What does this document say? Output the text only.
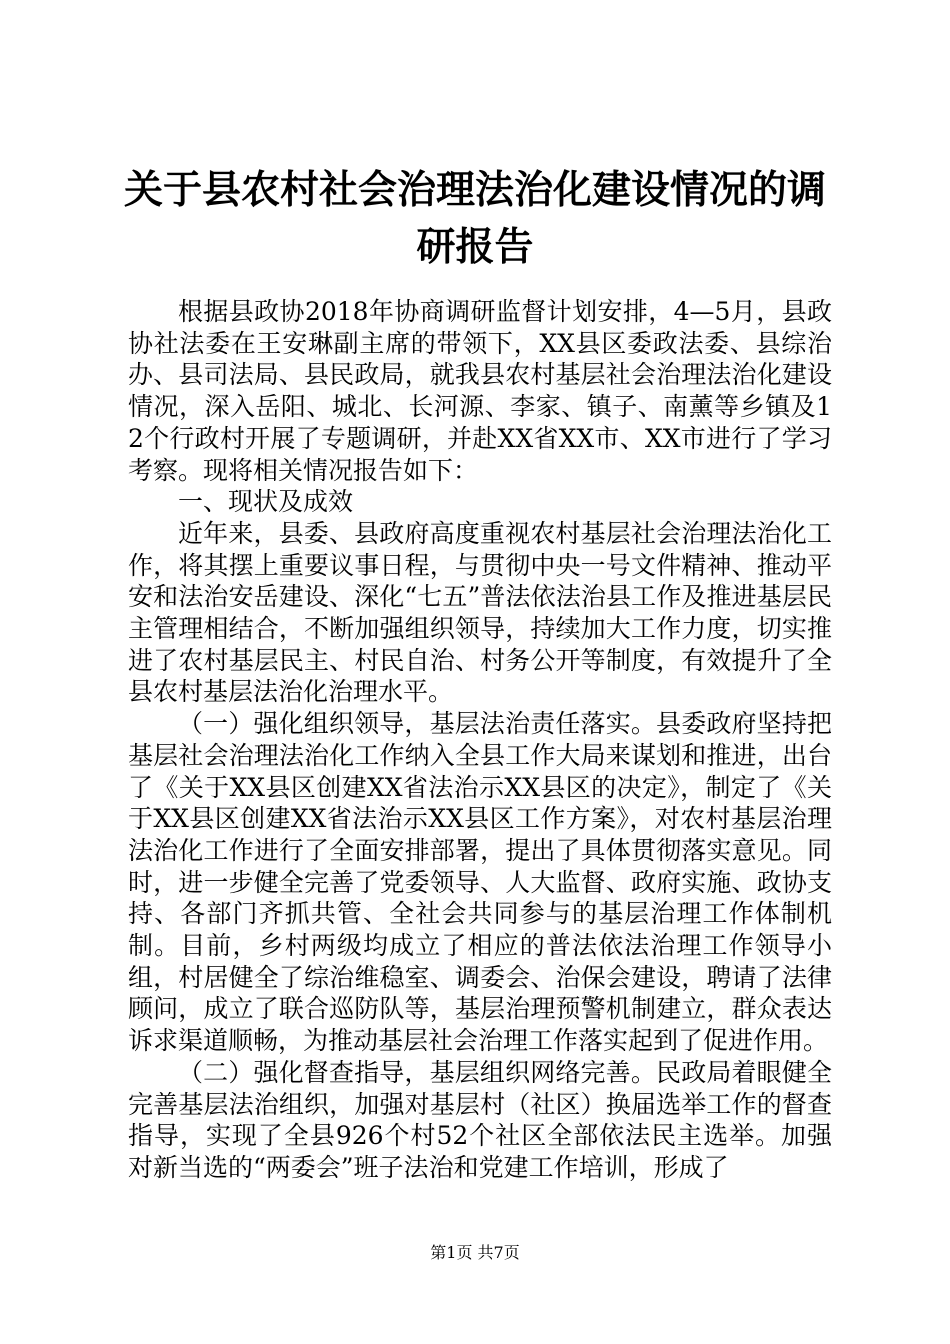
关于县农村社会治理法治化建设情况的调研报告

根据县政协2018年协商调研监督计划安排，4—5月，县政协社法委在王安琳副主席的带领下，XX县区委政法委、县综治办、县司法局、县民政局，就我县农村基层社会治理法治化建设情况，深入岳阳、城北、长河源、李家、镇子、南薰等乡镇及12个行政村开展了专题调研，并赴XX省XX市、XX市进行了学习考察。现将相关情况报告如下：

一、现状及成效

近年来，县委、县政府高度重视农村基层社会治理法治化工作，将其摆上重要议事日程，与贯彻中央一号文件精神、推动平安和法治安岳建设、深化“七五”普法依法治县工作及推进基层民主管理相结合，不断加强组织领导，持续加大工作力度，切实推进了农村基层民主、村民自治、村务公开等制度，有效提升了全县农村基层法治化治理水平。

（一）强化组织领导，基层法治责任落实。县委政府坚持把基层社会治理法治化工作纳入全县工作大局来谋划和推进，出台了《关于XX县区创建XX省法治示XX县区的决定》，制定了《关于XX县区创建XX省法治示XX县区工作方案》，对农村基层治理法治化工作进行了全面安排部署，提出了具体贯彻落实意见。同时，进一步健全完善了党委领导、人大监督、政府实施、政协支持、各部门齐抓共管、全社会共同参与的基层治理工作体制机制。目前，乡村两级均成立了相应的普法依法治理工作领导小组，村居健全了综治维稳室、调委会、治保会建设，聘请了法律顾问，成立了联合巡防队等，基层治理预警机制建立，群众表达诉求渠道顺畅，为推动基层社会治理工作落实起到了促进作用。

（二）强化督查指导，基层组织网络完善。民政局着眼健全完善基层法治组织，加强对基层村（社区）换届选举工作的督查指导，实现了全县926个村52个社区全部依法民主选举。加强对新当选的“两委会”班子法治和党建工作培训，形成了

第1页 共7页
